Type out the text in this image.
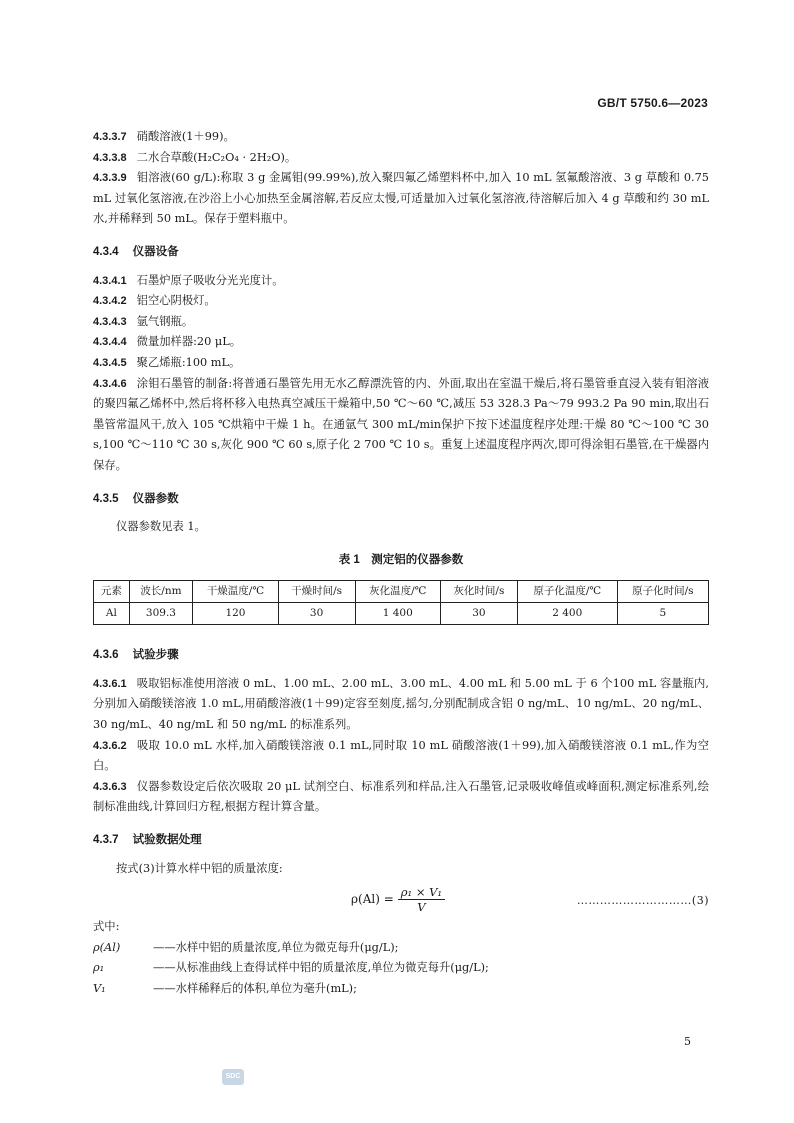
GB/T 5750.6—2023

4.3.3.7 硝酸溶液(1＋99)。

4.3.3.8 二水合草酸(H₂C₂O₄ · 2H₂O)。

4.3.3.9 钼溶液(60 g/L):称取 3 g 金属钼(99.99%),放入聚四氟乙烯塑料杯中,加入 10 mL 氢氟酸溶液、3 g 草酸和 0.75 mL 过氧化氢溶液,在沙浴上小心加热至金属溶解,若反应太慢,可适量加入过氧化氢溶液,待溶解后加入 4 g 草酸和约 30 mL 水,并稀释到 50 mL。保存于塑料瓶中。

4.3.4 仪器设备

4.3.4.1 石墨炉原子吸收分光光度计。

4.3.4.2 铝空心阴极灯。

4.3.4.3 氩气钢瓶。

4.3.4.4 微量加样器:20 μL。

4.3.4.5 聚乙烯瓶:100 mL。

4.3.4.6 涂钼石墨管的制备:将普通石墨管先用无水乙醇漂洗管的内、外面,取出在室温干燥后,将石墨管垂直浸入装有钼溶液的聚四氟乙烯杯中,然后将杯移入电热真空减压干燥箱中,50 ℃～60 ℃,减压 53 328.3 Pa～79 993.2 Pa 90 min,取出石墨管常温风干,放入 105 ℃烘箱中干燥 1 h。在通氩气 300 mL/min保护下按下述温度程序处理:干燥 80 ℃～100 ℃ 30 s,100 ℃～110 ℃ 30 s,灰化 900 ℃ 60 s,原子化 2 700 ℃ 10 s。重复上述温度程序两次,即可得涂钼石墨管,在干燥器内保存。

4.3.5 仪器参数

仪器参数见表 1。

表 1　测定铝的仪器参数
元素	波长/nm	干燥温度/℃	干燥时间/s	灰化温度/℃	灰化时间/s	原子化温度/℃	原子化时间/s
Al	309.3	120	30	1 400	30	2 400	5

4.3.6 试验步骤

4.3.6.1 吸取铝标准使用溶液 0 mL、1.00 mL、2.00 mL、3.00 mL、4.00 mL 和 5.00 mL 于 6 个100 mL 容量瓶内,分别加入硝酸镁溶液 1.0 mL,用硝酸溶液(1＋99)定容至刻度,摇匀,分别配制成含铝 0 ng/mL、10 ng/mL、20 ng/mL、30 ng/mL、40 ng/mL 和 50 ng/mL 的标准系列。

4.3.6.2 吸取 10.0 mL 水样,加入硝酸镁溶液 0.1 mL,同时取 10 mL 硝酸溶液(1＋99),加入硝酸镁溶液 0.1 mL,作为空白。

4.3.6.3 仪器参数设定后依次吸取 20 μL 试剂空白、标准系列和样品,注入石墨管,记录吸收峰值或峰面积,测定标准系列,绘制标准曲线,计算回归方程,根据方程计算含量。

4.3.7 试验数据处理

按式(3)计算水样中铝的质量浓度:

$\rho(Al) = \frac{\text{ρ₁ × V₁}}{V}$	…………………………(3)

式中:

ρ(Al)	——水样中铝的质量浓度,单位为微克每升(μg/L);

ρ₁	——从标准曲线上查得试样中铝的质量浓度,单位为微克每升(μg/L);

V₁	——水样稀释后的体积,单位为毫升(mL);

5
SDC
